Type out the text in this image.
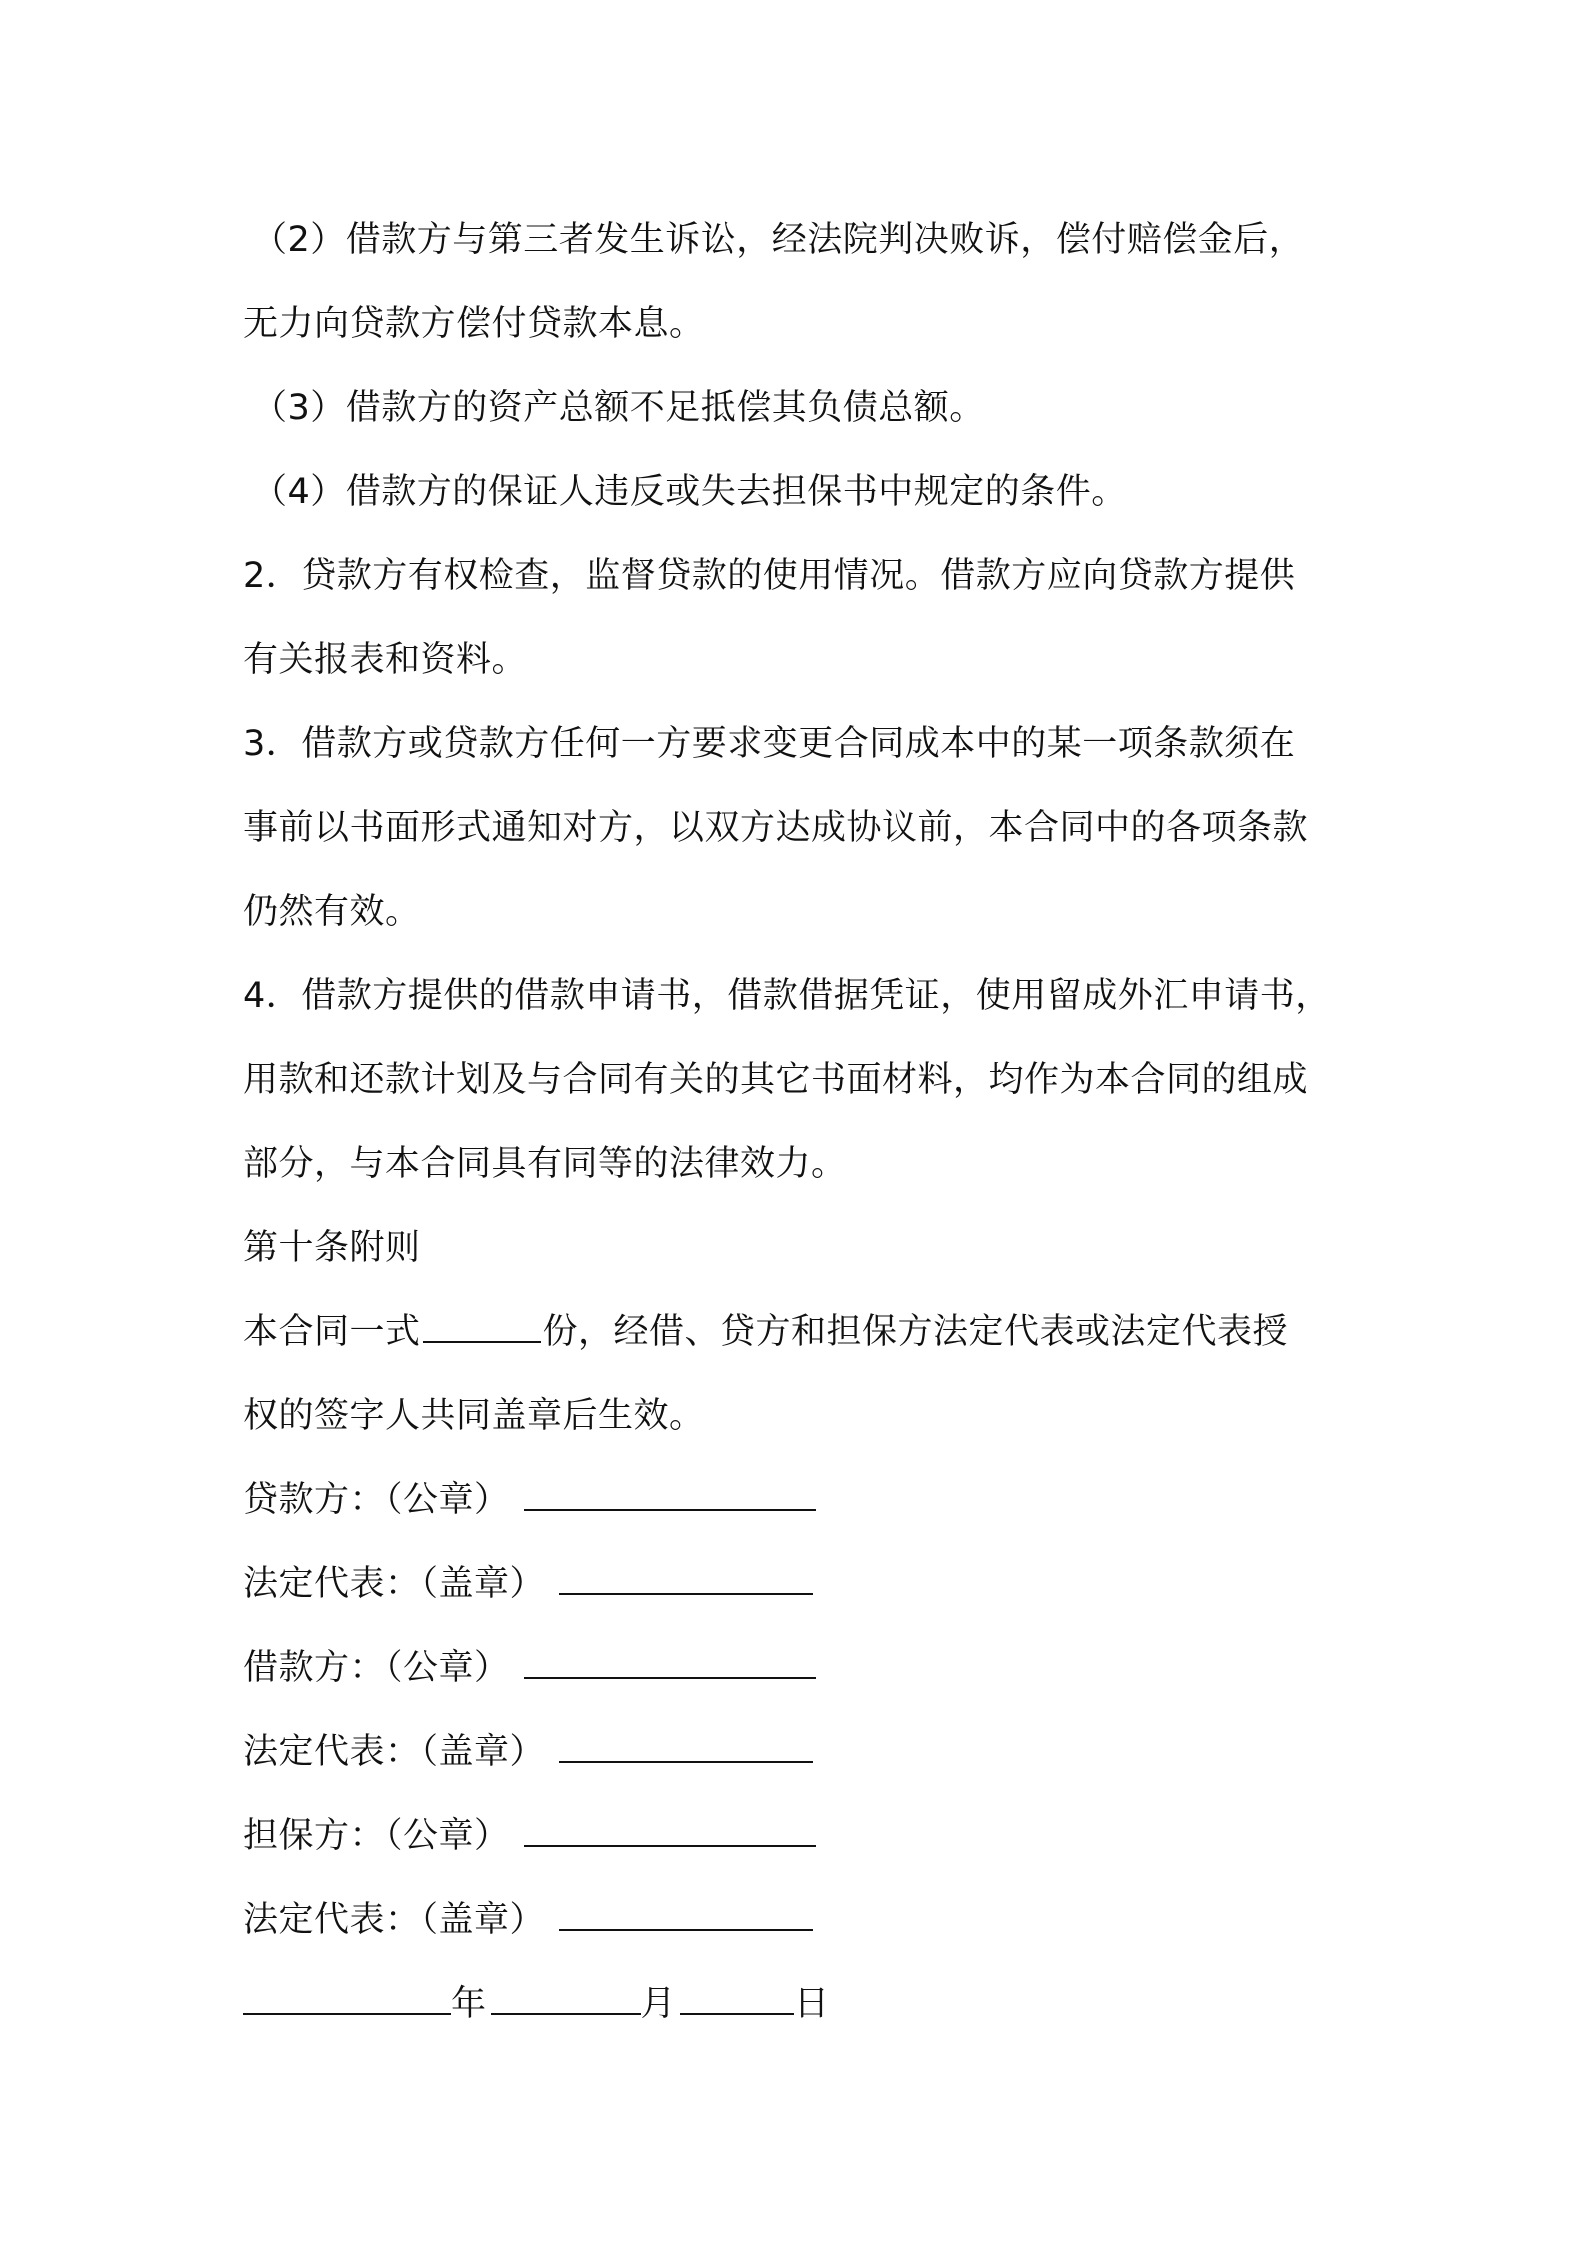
（2）借款方与第三者发生诉讼，经法院判决败诉，偿付赔偿金后，
无力向贷款方偿付贷款本息。
（3）借款方的资产总额不足抵偿其负债总额。
（4）借款方的保证人违反或失去担保书中规定的条件。
2．贷款方有权检查，监督贷款的使用情况。借款方应向贷款方提供
有关报表和资料。
3．借款方或贷款方任何一方要求变更合同成本中的某一项条款须在
事前以书面形式通知对方，以双方达成协议前，本合同中的各项条款
仍然有效。
4．借款方提供的借款申请书，借款借据凭证，使用留成外汇申请书，
用款和还款计划及与合同有关的其它书面材料，均作为本合同的组成
部分，与本合同具有同等的法律效力。
第十条附则
本合同一式	份，经借、贷方和担保方法定代表或法定代表授
权的签字人共同盖章后生效。
贷款方：（公章）
法定代表：（盖章）
借款方：（公章）
法定代表：（盖章）
担保方：（公章）
法定代表：（盖章）
年	月	日
